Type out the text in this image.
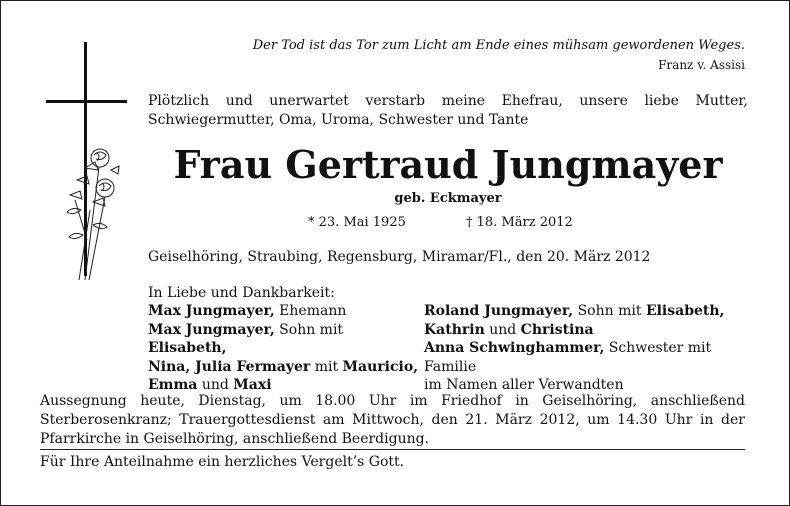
Der Tod ist das Tor zum Licht am Ende eines mühsam gewordenen Weges.
Franz v. Assisi
Plötzlich und unerwartet verstarb meine Ehefrau, unsere liebe Mutter, Schwiegermutter, Oma, Uroma, Schwester und Tante
Frau Gertraud Jungmayer
geb. Eckmayer
* 23. Mai 1925	† 18. März 2012
Geiselhöring, Straubing, Regensburg, Miramar/Fl., den 20. März 2012
In Liebe und Dankbarkeit:
Max Jungmayer, Ehemann
Max Jungmayer, Sohn mit Elisabeth,
Nina, Julia Fermayer mit Mauricio,
Emma und Maxi
Roland Jungmayer, Sohn mit Elisabeth,
Kathrin und Christina
Anna Schwinghammer, Schwester mit Familie
im Namen aller Verwandten
Aussegnung heute, Dienstag, um 18.00 Uhr im Friedhof in Geiselhöring, anschließend Sterberosenkranz; Trauergottesdienst am Mittwoch, den 21. März 2012, um 14.30 Uhr in der Pfarrkirche in Geiselhöring, anschließend Beerdigung.
Für Ihre Anteilnahme ein herzliches Vergelt’s Gott.
